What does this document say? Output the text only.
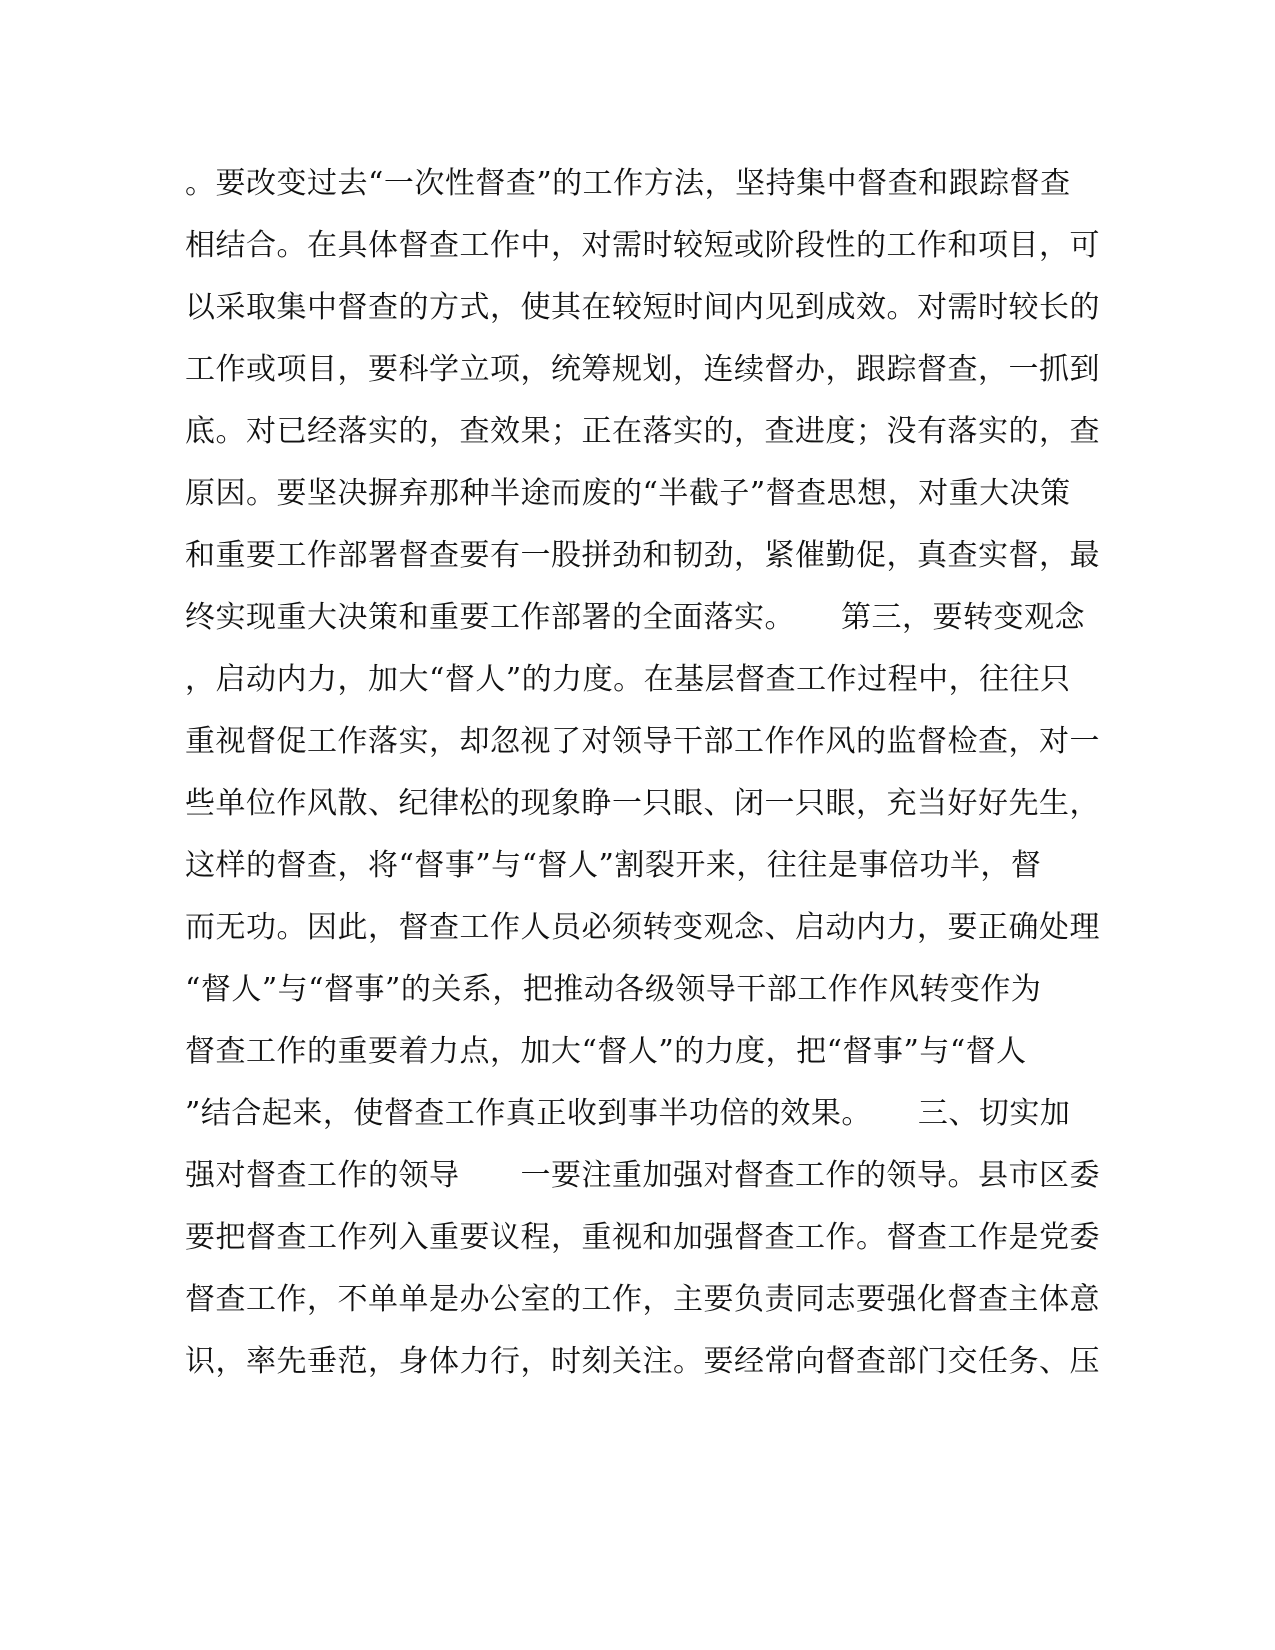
。要改变过去“一次性督查”的工作方法，坚持集中督查和跟踪督查
相结合。在具体督查工作中，对需时较短或阶段性的工作和项目，可
以采取集中督查的方式，使其在较短时间内见到成效。对需时较长的
工作或项目，要科学立项，统筹规划，连续督办，跟踪督查，一抓到
底。对已经落实的，查效果；正在落实的，查进度；没有落实的，查
原因。要坚决摒弃那种半途而废的“半截子”督查思想，对重大决策
和重要工作部署督查要有一股拼劲和韧劲，紧催勤促，真查实督，最
终实现重大决策和重要工作部署的全面落实。　　第三，要转变观念
，启动内力，加大“督人”的力度。在基层督查工作过程中，往往只
重视督促工作落实，却忽视了对领导干部工作作风的监督检查，对一
些单位作风散、纪律松的现象睁一只眼、闭一只眼，充当好好先生，
这样的督查，将“督事”与“督人”割裂开来，往往是事倍功半，督
而无功。因此，督查工作人员必须转变观念、启动内力，要正确处理
“督人”与“督事”的关系，把推动各级领导干部工作作风转变作为
督查工作的重要着力点，加大“督人”的力度，把“督事”与“督人
”结合起来，使督查工作真正收到事半功倍的效果。　　三、切实加
强对督查工作的领导　　一要注重加强对督查工作的领导。县市区委
要把督查工作列入重要议程，重视和加强督查工作。督查工作是党委
督查工作，不单单是办公室的工作，主要负责同志要强化督查主体意
识，率先垂范，身体力行，时刻关注。要经常向督查部门交任务、压
